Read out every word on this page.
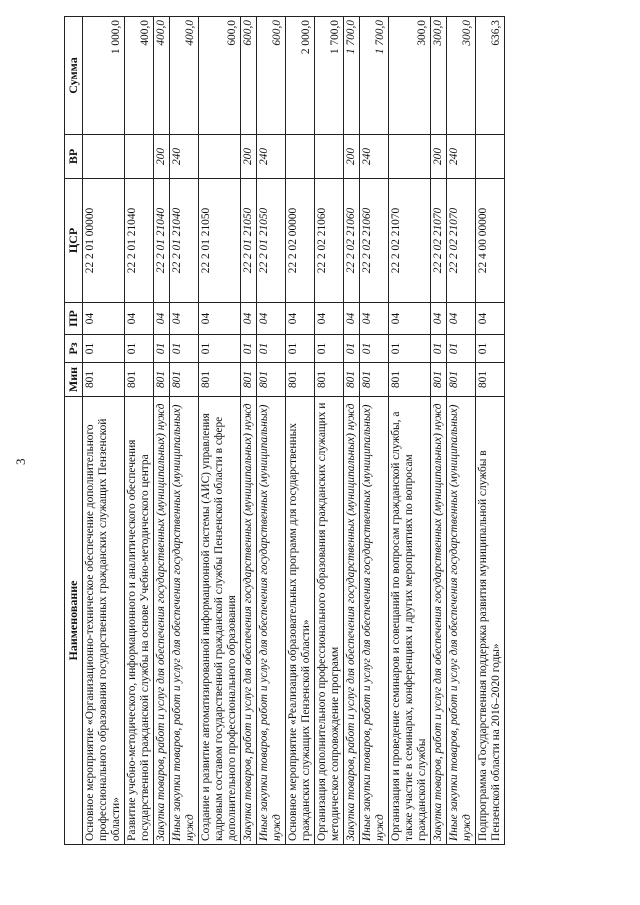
3
Наименование	Мин	Рз	ПР	ЦСР	ВР	Сумма
Основное мероприятие «Организационно-техническое обеспечение дополнительного профессионального образования государственных гражданских служащих Пензенской области»	801	01	04	22 2 01 00000		1 000,0
Развитие учебно-методического, информационного и аналитического обеспечения государственной гражданской службы на основе Учебно-методического центра	801	01	04	22 2 01 21040		400,0
Закупка товаров, работ и услуг для обеспечения государственных (муниципальных) нужд	801	01	04	22 2 01 21040	200	400,0
Иные закупки товаров, работ и услуг для обеспечения государственных (муниципальных) нужд	801	01	04	22 2 01 21040	240	400,0
Создание и развитие автоматизированной информационной системы (АИС) управления кадровым составом государственной гражданской службы Пензенской области в сфере дополнительного профессионального образования	801	01	04	22 2 01 21050		600,0
Закупка товаров, работ и услуг для обеспечения государственных (муниципальных) нужд	801	01	04	22 2 01 21050	200	600,0
Иные закупки товаров, работ и услуг для обеспечения государственных (муниципальных) нужд	801	01	04	22 2 01 21050	240	600,0
Основное мероприятие «Реализация образовательных программ для государственных гражданских служащих Пензенской области»	801	01	04	22 2 02 00000		2 000,0
Организация дополнительного профессионального образования гражданских служащих и методическое сопровождение программ	801	01	04	22 2 02 21060		1 700,0
Закупка товаров, работ и услуг для обеспечения государственных (муниципальных) нужд	801	01	04	22 2 02 21060	200	1 700,0
Иные закупки товаров, работ и услуг для обеспечения государственных (муниципальных) нужд	801	01	04	22 2 02 21060	240	1 700,0
Организация и проведение семинаров и совещаний по вопросам гражданской службы, а также участие в семинарах, конференциях и других мероприятиях по вопросам гражданской службы	801	01	04	22 2 02 21070		300,0
Закупка товаров, работ и услуг для обеспечения государственных (муниципальных) нужд	801	01	04	22 2 02 21070	200	300,0
Иные закупки товаров, работ и услуг для обеспечения государственных (муниципальных) нужд	801	01	04	22 2 02 21070	240	300,0
Подпрограмма «Государственная поддержка развития муниципальной службы в Пензенской области на 2016–2020 годы»	801	01	04	22 4 00 00000		636,3
